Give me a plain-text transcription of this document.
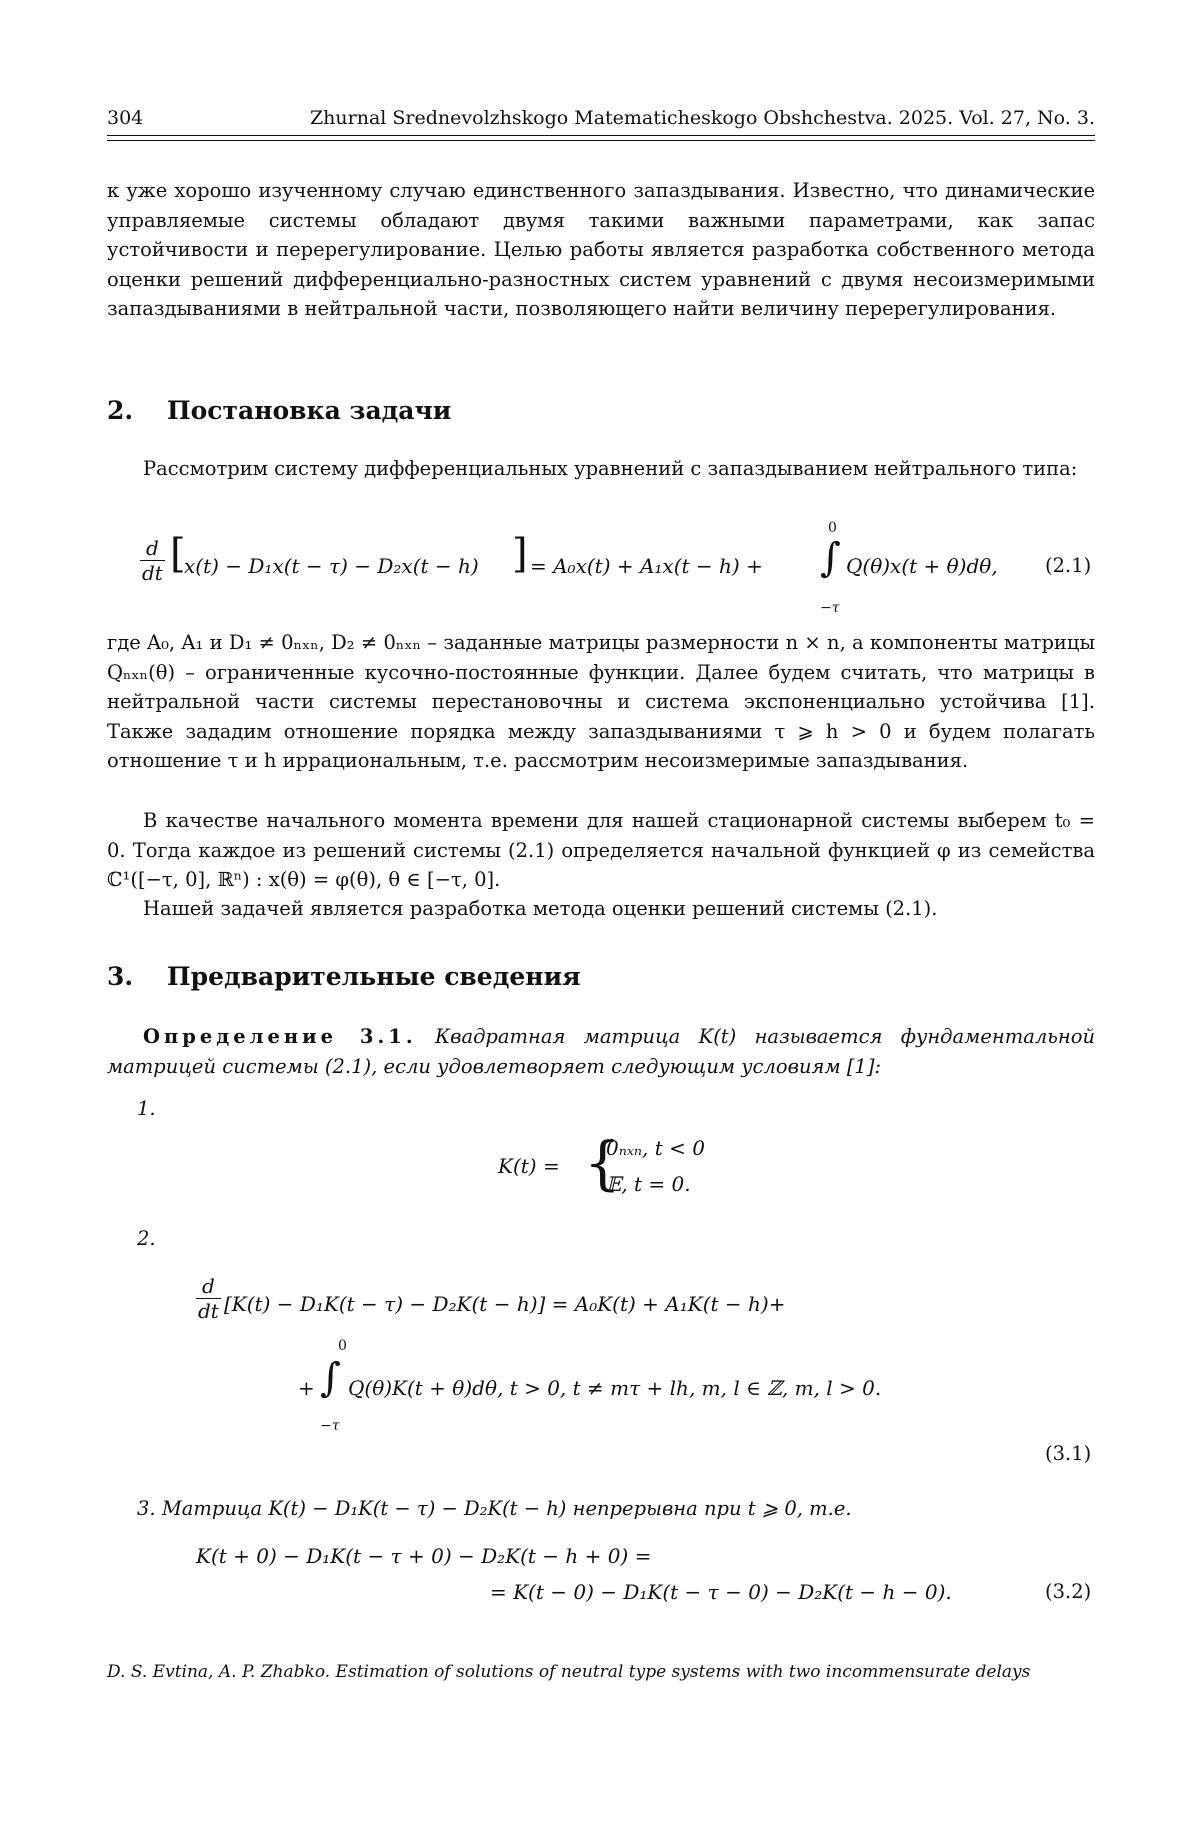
304	Zhurnal Srednevolzhskogo Matematicheskogo Obshchestva. 2025. Vol. 27, No. 3.
к уже хорошо изученному случаю единственного запаздывания. Известно, что динамические управляемые системы обладают двумя такими важными параметрами, как запас устойчивости и перерегулирование. Целью работы является разработка собственного метода оценки решений дифференциально-разностных систем уравнений с двумя несоизмеримыми запаздываниями в нейтральной части, позволяющего найти величину перерегулирования.
2. Постановка задачи
Рассмотрим систему дифференциальных уравнений с запаздыванием нейтрального типа:
$\frac{d}{dt}$ [
x(t) − D₁x(t − τ) − D₂x(t − h) ] = A₀x(t) + A₁x(t − h) +
0
∫
−τ
Q(θ)x(t + θ)dθ, (2.1)
где A₀, A₁ и D₁ ≠ 0ₙₓₙ, D₂ ≠ 0ₙₓₙ – заданные матрицы размерности n × n, а компоненты матрицы Qₙₓₙ(θ) – ограниченные кусочно-постоянные функции. Далее будем считать, что матрицы в нейтральной части системы перестановочны и система экспоненциально устойчива [1]. Также зададим отношение порядка между запаздываниями τ ⩾ h > 0 и будем полагать отношение τ и h иррациональным, т.е. рассмотрим несоизмеримые запаздывания.
В качестве начального момента времени для нашей стационарной системы выберем t₀ = 0. Тогда каждое из решений системы (2.1) определяется начальной функцией φ из семейства ℂ¹([−τ, 0], ℝⁿ) : x(θ) = φ(θ), θ ∈ [−τ, 0].
Нашей задачей является разработка метода оценки решений системы (2.1).
3. Предварительные сведения
Определение 3.1. Квадратная матрица K(t) называется фундаментальной матрицей системы (2.1), если удовлетворяет следующим условиям [1]:
1.
K(t) = {
0ₙₓₙ, t < 0
𝔼, t = 0.
2.
$\frac{d}{dt} [K(t) - D_1K(t - \tau) - D_2K(t - h)] = A_0K(t) + A_1K(t - h)+$
+
0
∫
−τ
Q(θ)K(t + θ)dθ, t > 0, t ≠ mτ + lh, m, l ∈ ℤ, m, l > 0.
(3.1)
3. Матрица K(t) − D₁K(t − τ) − D₂K(t − h) непрерывна при t ⩾ 0, т.е.
K(t + 0) − D₁K(t − τ + 0) − D₂K(t − h + 0) =
= K(t − 0) − D₁K(t − τ − 0) − D₂K(t − h − 0).	(3.2)
D. S. Evtina, A. P. Zhabko. Estimation of solutions of neutral type systems with two incommensurate delays
